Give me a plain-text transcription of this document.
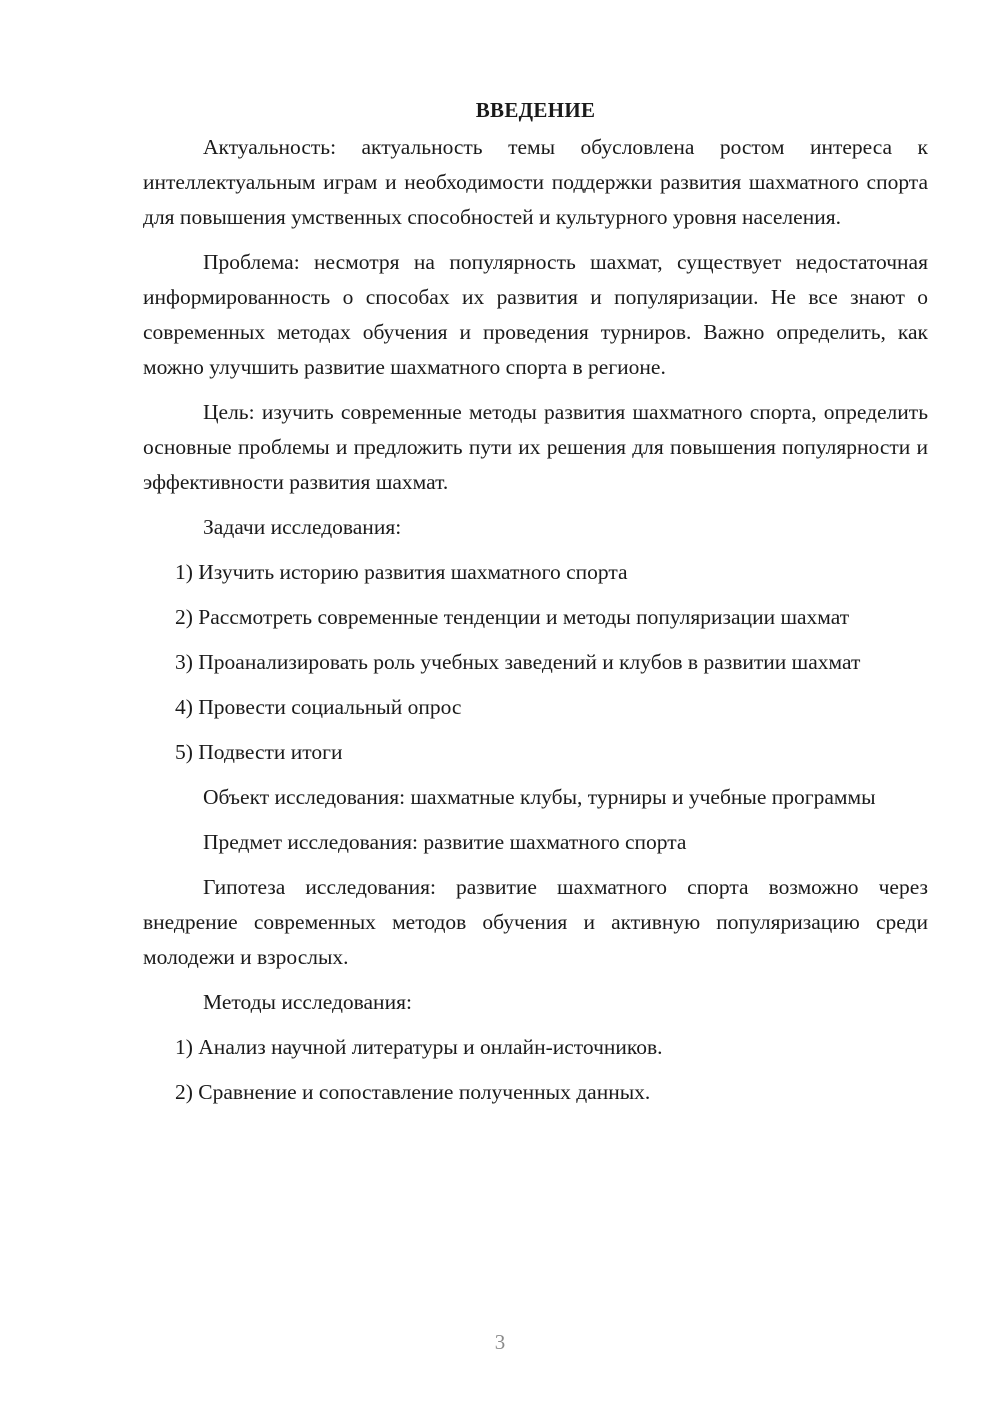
ВВЕДЕНИЕ

Актуальность: актуальность темы обусловлена ростом интереса к интеллектуальным играм и необходимости поддержки развития шахматного спорта для повышения умственных способностей и культурного уровня населения.

Проблема: несмотря на популярность шахмат, существует недостаточная информированность о способах их развития и популяризации. Не все знают о современных методах обучения и проведения турниров. Важно определить, как можно улучшить развитие шахматного спорта в регионе.

Цель: изучить современные методы развития шахматного спорта, определить основные проблемы и предложить пути их решения для повышения популярности и эффективности развития шахмат.

Задачи исследования:

1) Изучить историю развития шахматного спорта

2) Рассмотреть современные тенденции и методы популяризации шахмат

3) Проанализировать роль учебных заведений и клубов в развитии шахмат

4) Провести социальный опрос

5) Подвести итоги

Объект исследования: шахматные клубы, турниры и учебные программы

Предмет исследования: развитие шахматного спорта

Гипотеза исследования: развитие шахматного спорта возможно через внедрение современных методов обучения и активную популяризацию среди молодежи и взрослых.

Методы исследования:

1) Анализ научной литературы и онлайн-источников.

2) Сравнение и сопоставление полученных данных.

3
